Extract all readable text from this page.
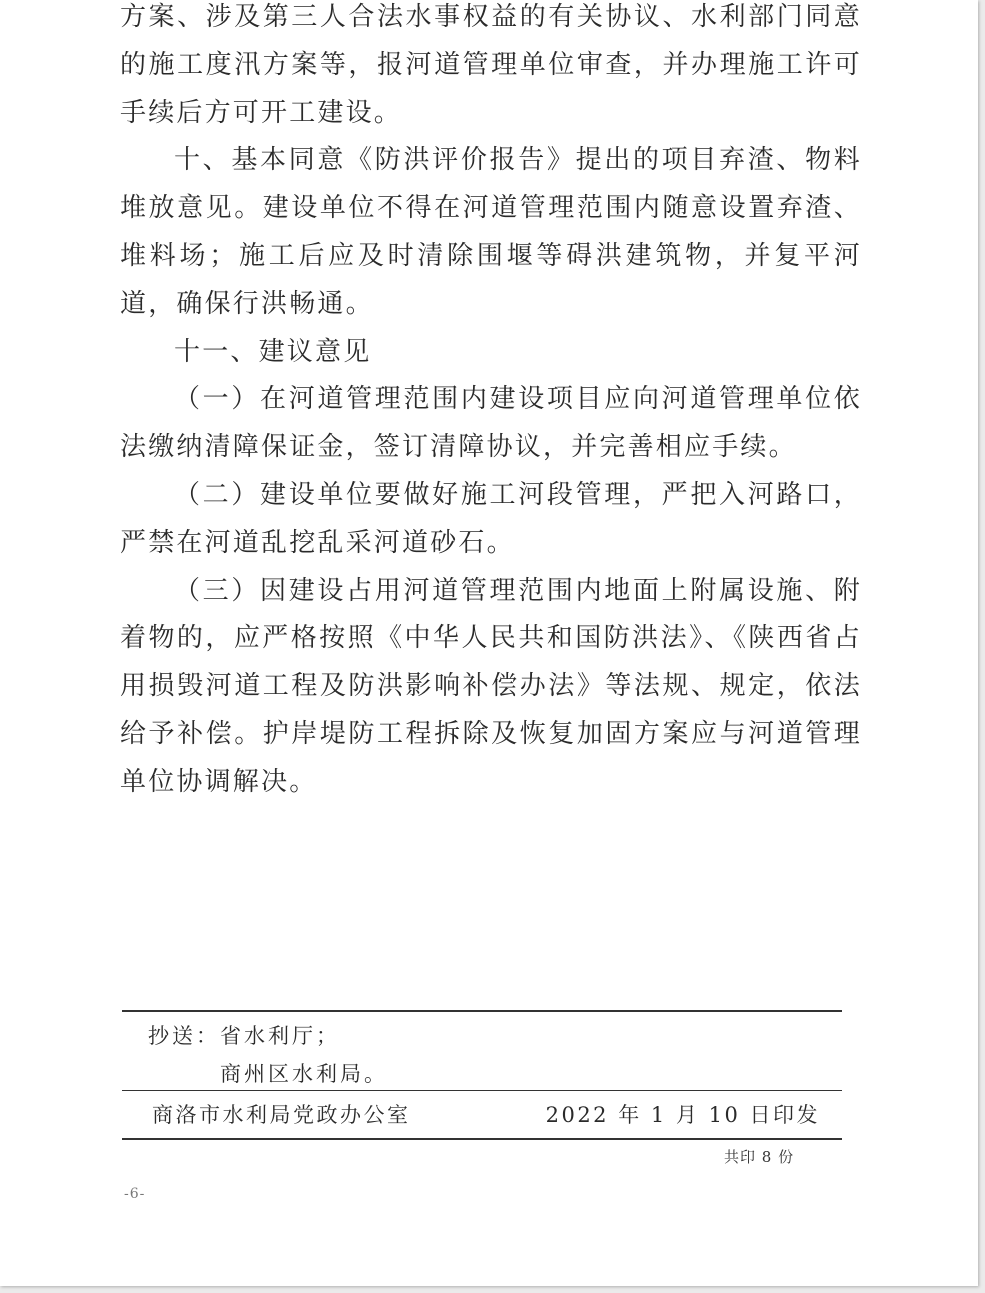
方案、涉及第三人合法水事权益的有关协议、水利部门同意的施工度汛方案等，报河道管理单位审查，并办理施工许可手续后方可开工建设。

十、基本同意《防洪评价报告》提出的项目弃渣、物料堆放意见。建设单位不得在河道管理范围内随意设置弃渣、堆料场；施工后应及时清除围堰等碍洪建筑物，并复平河道，确保行洪畅通。

十一、建议意见

（一）在河道管理范围内建设项目应向河道管理单位依法缴纳清障保证金，签订清障协议，并完善相应手续。

（二）建设单位要做好施工河段管理，严把入河路口，严禁在河道乱挖乱采河道砂石。

（三）因建设占用河道管理范围内地面上附属设施、附着物的，应严格按照《中华人民共和国防洪法》、《陕西省占用损毁河道工程及防洪影响补偿办法》等法规、规定，依法给予补偿。护岸堤防工程拆除及恢复加固方案应与河道管理单位协调解决。

抄送： 省水利厅；
商州区水利局。
商洛市水利局党政办公室	2022 年 1 月 10 日印发
共印 8 份
-6-
